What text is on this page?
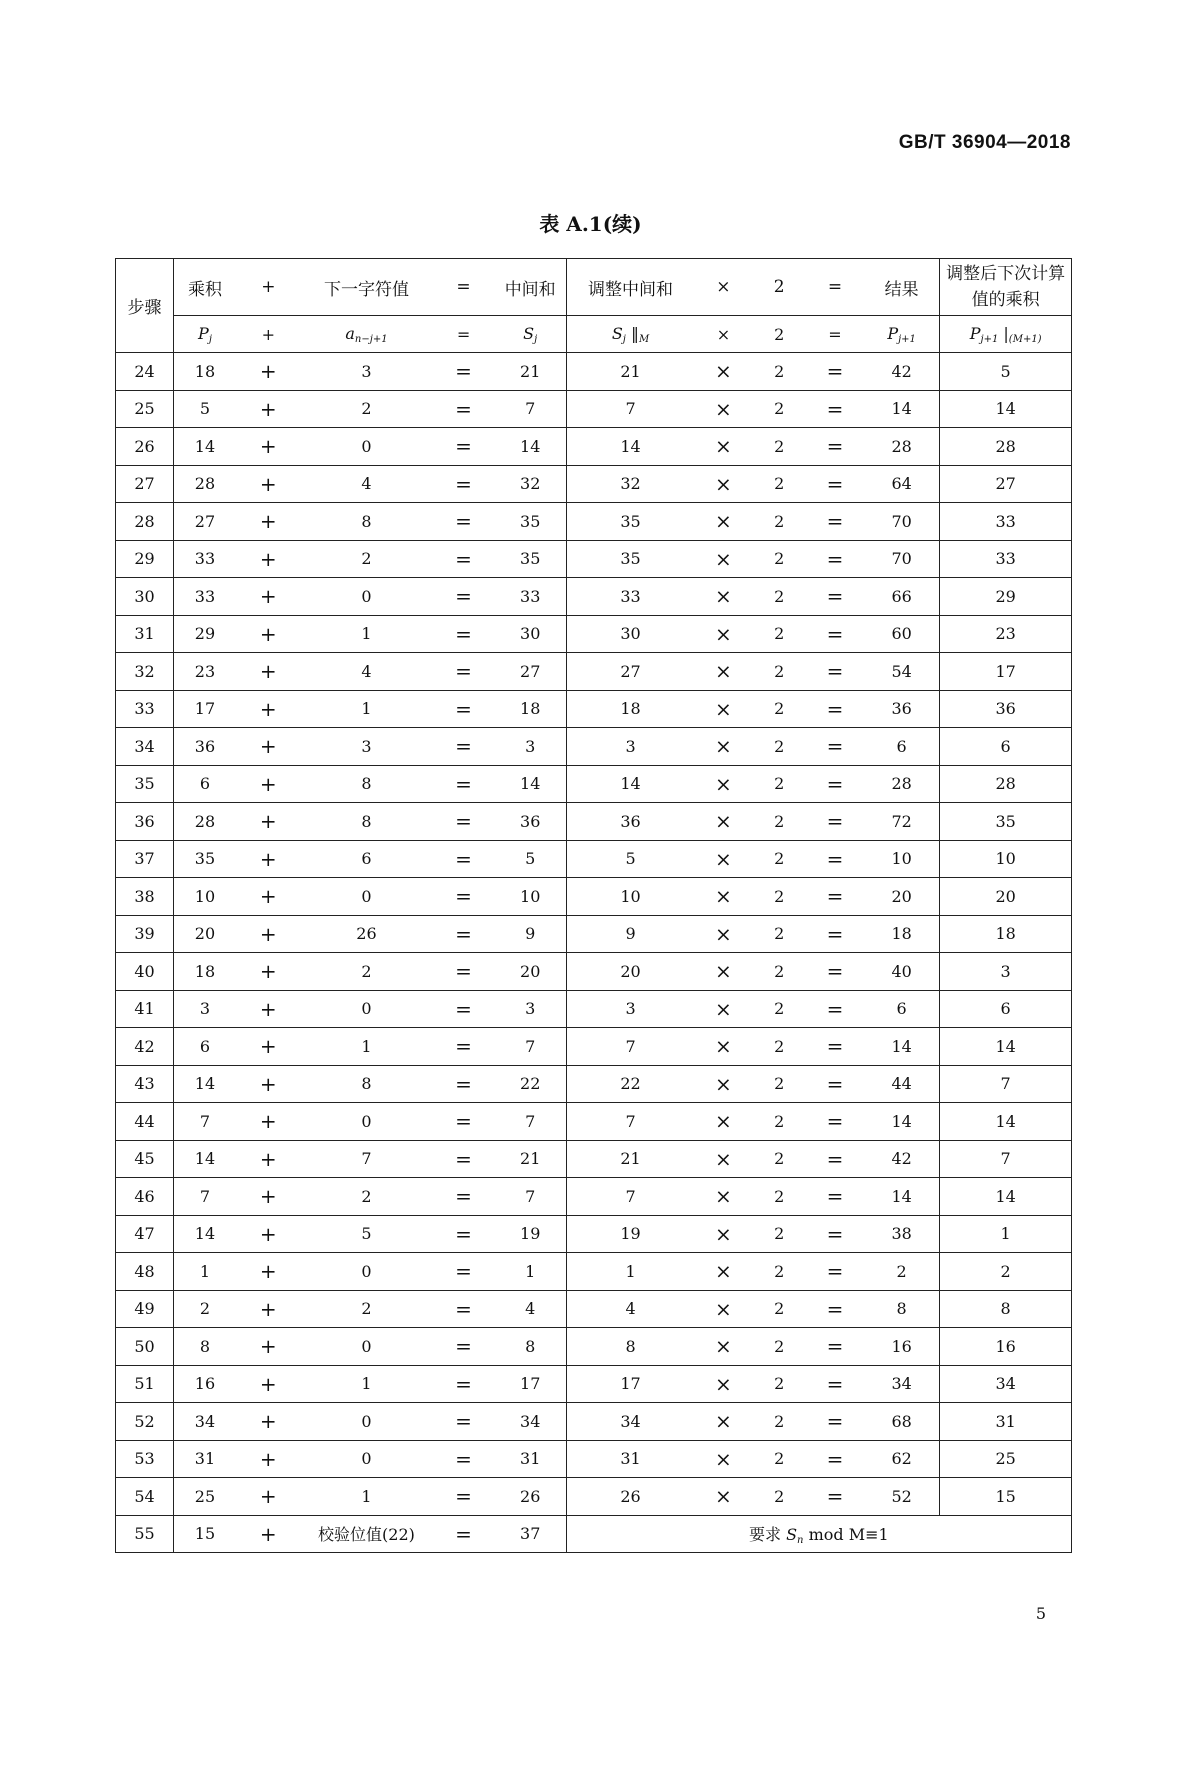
GB/T 36904—2018
表 A.1(续)
步骤	乘积	+	下一字符值	=	中间和	调整中间和	×	2	=	结果	调整后下次计算值的乘积
	$P_j$	+	$a_{n-j+1}$	=	$S_j$	$S_j$ $‖_M$	×	2	=	$P_{j+1}$	$P_{j+1}$ $|_{(M+1)}$
24	18	+	3	=	21	21	×	2	=	42	5
25	5	+	2	=	7	7	×	2	=	14	14
26	14	+	0	=	14	14	×	2	=	28	28
27	28	+	4	=	32	32	×	2	=	64	27
28	27	+	8	=	35	35	×	2	=	70	33
29	33	+	2	=	35	35	×	2	=	70	33
30	33	+	0	=	33	33	×	2	=	66	29
31	29	+	1	=	30	30	×	2	=	60	23
32	23	+	4	=	27	27	×	2	=	54	17
33	17	+	1	=	18	18	×	2	=	36	36
34	36	+	3	=	3	3	×	2	=	6	6
35	6	+	8	=	14	14	×	2	=	28	28
36	28	+	8	=	36	36	×	2	=	72	35
37	35	+	6	=	5	5	×	2	=	10	10
38	10	+	0	=	10	10	×	2	=	20	20
39	20	+	26	=	9	9	×	2	=	18	18
40	18	+	2	=	20	20	×	2	=	40	3
41	3	+	0	=	3	3	×	2	=	6	6
42	6	+	1	=	7	7	×	2	=	14	14
43	14	+	8	=	22	22	×	2	=	44	7
44	7	+	0	=	7	7	×	2	=	14	14
45	14	+	7	=	21	21	×	2	=	42	7
46	7	+	2	=	7	7	×	2	=	14	14
47	14	+	5	=	19	19	×	2	=	38	1
48	1	+	0	=	1	1	×	2	=	2	2
49	2	+	2	=	4	4	×	2	=	8	8
50	8	+	0	=	8	8	×	2	=	16	16
51	16	+	1	=	17	17	×	2	=	34	34
52	34	+	0	=	34	34	×	2	=	68	31
53	31	+	0	=	31	31	×	2	=	62	25
54	25	+	1	=	26	26	×	2	=	52	15
55	15	+	校验位值(22)	=	37	要求 $S_n$ mod M≡1					
5
